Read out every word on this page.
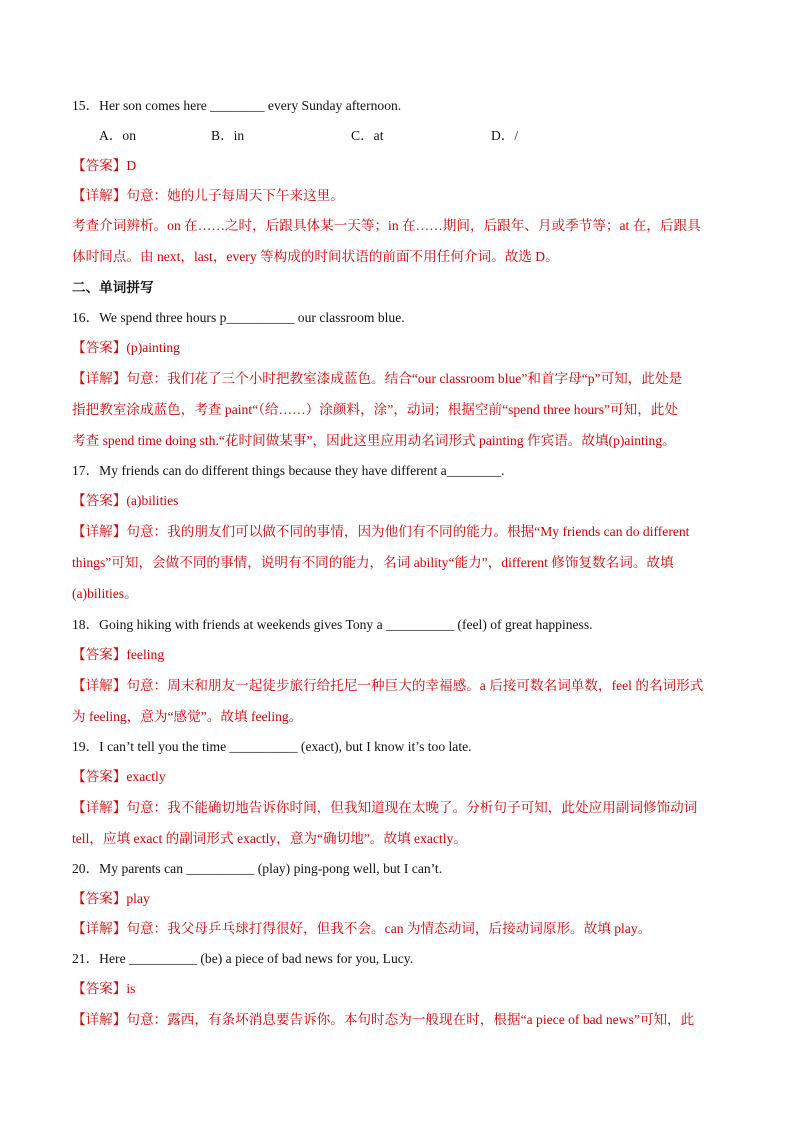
15．Her son comes here ________ every Sunday afternoon.
A．on	B．in	C．at	D．/
【答案】D
【详解】句意：她的儿子每周天下午来这里。
考查介词辨析。on 在……之时，后跟具体某一天等；in 在……期间，后跟年、月或季节等；at 在，后跟具
体时间点。由 next，last，every 等构成的时间状语的前面不用任何介词。故选 D。
二、单词拼写
16．We spend three hours p__________ our classroom blue.
【答案】(p)ainting
【详解】句意：我们花了三个小时把教室漆成蓝色。结合“our classroom blue”和首字母“p”可知，此处是
指把教室涂成蓝色，考查 paint“（给……）涂颜料，涂”，动词；根据空前“spend three hours”可知，此处
考查 spend time doing sth.“花时间做某事”，因此这里应用动名词形式 painting 作宾语。故填(p)ainting。
17．My friends can do different things because they have different a________.
【答案】(a)bilities
【详解】句意：我的朋友们可以做不同的事情，因为他们有不同的能力。根据“My friends can do different
things”可知，会做不同的事情，说明有不同的能力，名词 ability“能力”，different 修饰复数名词。故填
(a)bilities。
18．Going hiking with friends at weekends gives Tony a __________ (feel) of great happiness.
【答案】feeling
【详解】句意：周末和朋友一起徒步旅行给托尼一种巨大的幸福感。a 后接可数名词单数，feel 的名词形式
为 feeling，意为“感觉”。故填 feeling。
19．I can’t tell you the time __________ (exact), but I know it’s too late.
【答案】exactly
【详解】句意：我不能确切地告诉你时间，但我知道现在太晚了。分析句子可知，此处应用副词修饰动词
tell，应填 exact 的副词形式 exactly，意为“确切地”。故填 exactly。
20．My parents can __________ (play) ping-pong well, but I can’t.
【答案】play
【详解】句意：我父母乒乓球打得很好，但我不会。can 为情态动词，后接动词原形。故填 play。
21．Here __________ (be) a piece of bad news for you, Lucy.
【答案】is
【详解】句意：露西，有条坏消息要告诉你。本句时态为一般现在时，根据“a piece of bad news”可知，此
